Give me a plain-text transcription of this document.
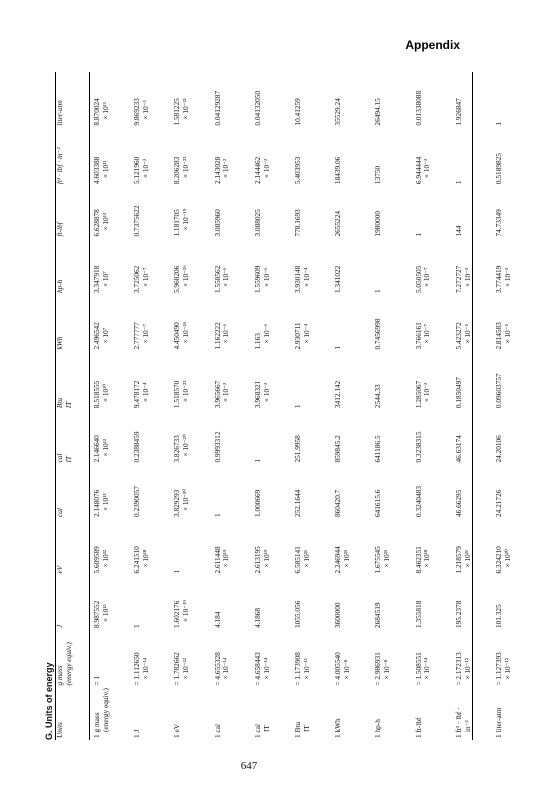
Appendix
G. Units of energy Units	g mass (energy equiv.)	J	eV	cal	cal IT	Btu IT	kWh	hp-h	ft-lbf	ft³ · lbf · in⁻²	liter-atm

1 g mass (energy equiv.)	= 1	8.987552 × 10¹³	5.609589 × 10³²	2.148076 × 10¹³	2.146640 × 10¹³	8.518555 × 10¹⁰	2.496542 × 10⁷	3.347918 × 10⁷	6.628878 × 10¹³	4.603388 × 10¹¹	8.870024 × 10¹¹

1 J	= 1.112650 × 10⁻¹⁴	1	6.241510 × 10¹⁸	0.2390057	0.2388459	9.478172 × 10⁻⁴	2.777777 × 10⁻⁷	3.725062 × 10⁻⁷	0.7375622	5.121960 × 10⁻³	9.869233 × 10⁻³

1 eV	= 1.782662 × 10⁻³³	1.602176 × 10⁻¹⁹	1	3.829293 × 10⁻²⁰	3.826733 × 10⁻²⁰	1.518570 × 10⁻²²	4.450490 × 10⁻²⁶	5.968206 × 10⁻²⁶	1.181705 × 10⁻¹⁹	8.206283 × 10⁻²²	1.581225 × 10⁻²¹

1 cal	= 4.655328 × 10⁻¹⁴	4.184	2.611448 × 10¹⁹	1	0.9993312	3.965667 × 10⁻³	1.162222 × 10⁻⁶	1.558562 × 10⁻⁶	3.085960	2.143028 × 10⁻²	0.04129287

1 cal IT	= 4.658443 × 10⁻¹⁴	4.1868	2.613195 × 10¹⁹	1.000669	1	3.968321 × 10⁻³	1.163 × 10⁻⁶	1.559609 × 10⁻⁶	3.088025	2.144462 × 10⁻²	0.04132050

1 Btu IT	= 1.173908 × 10⁻¹¹	1055.056	6.585141 × 10²¹	252.1644	251.9958	1	2.930711 × 10⁻⁴	3.930148 × 10⁻⁴	778.1693	5.403953	10.41259

1 kWh	= 4.005540 × 10⁻⁸	3600000	2.246944 × 10²⁵	860420.7	859845.2	3412.142	1	1.341022	2655224	18439.06	35529.24

1 hp-h	= 2.986931 × 10⁻⁸	2684519	1.675545 × 10²⁵	641615.6	641186.5	2544.33	0.7456998	1	1980000	13750	26494.15

1 ft-lbf	= 1.508551 × 10⁻¹⁴	1.355818	8.462351 × 10¹⁸	0.3240483	0.3238315	1.285067 × 10⁻³	3.766161 × 10⁻⁷	5.050505 × 10⁻⁷	1	6.944444 × 10⁻³	0.01338088

1 ft³ · lbf · in⁻²	= 2.172313 × 10⁻¹²	195.2378	1.218579 × 10²¹	46.66295	46.63174	0.1850497	5.423272 × 10⁻⁵	7.272727 × 10⁻⁵	144	1	1.926847

1 liter-atm	= 1.127393 × 10⁻¹²	101.325	6.324210 × 10²⁰	24.21726	24.20106	0.09603757	2.814583 × 10⁻⁵	3.774419 × 10⁻⁵	74.73349	0.5189825	1
647
